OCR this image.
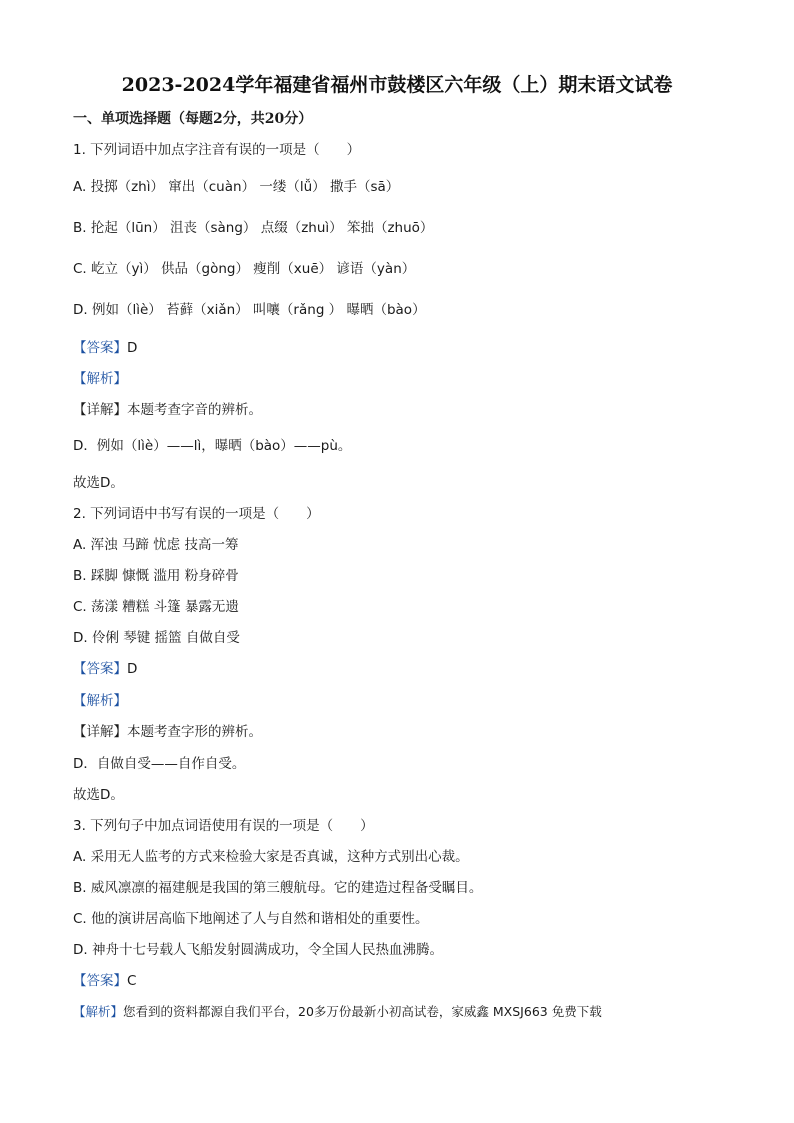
2023-2024学年福建省福州市鼓楼区六年级（上）期末语文试卷
一、单项选择题（每题2分，共20分）
1. 下列词语中加点字注音有误的一项是（　　）
A. 投掷（zhì） 窜出（cuàn） 一缕（lǚ） 撒手（sā）
B. 抡起（lūn） 沮丧（sàng） 点缀（zhuì） 笨拙（zhuō）
C. 屹立（yì） 供品（gòng） 瘦削（xuē） 谚语（yàn）
D. 例如（lìè） 苔藓（xiǎn） 叫嚷（rǎng ） 曝晒（bào）
【答案】D
【解析】
【详解】本题考查字音的辨析。
D．例如（lìè）——lì，曝晒（bào）——pù。
故选D。
2. 下列词语中书写有误的一项是（　　）
A. 浑浊 马蹄 忧虑 技高一筹
B. 踩脚 慷慨 滥用 粉身碎骨
C. 荡漾 糟糕 斗篷 暴露无遗
D. 伶俐 琴键 摇篮 自做自受
【答案】D
【解析】
【详解】本题考查字形的辨析。
D．自做自受——自作自受。
故选D。
3. 下列句子中加点词语使用有误的一项是（　　）
A. 采用无人监考的方式来检验大家是否真诚，这种方式别出心裁。
B. 威风凛凛的福建舰是我国的第三艘航母。它的建造过程备受瞩目。
C. 他的演讲居高临下地阐述了人与自然和谐相处的重要性。
D. 神舟十七号载人飞船发射圆满成功，令全国人民热血沸腾。
【答案】C
【解析】您看到的资料都源自我们平台，20多万份最新小初高试卷，家威鑫 MXSJ663 免费下载
